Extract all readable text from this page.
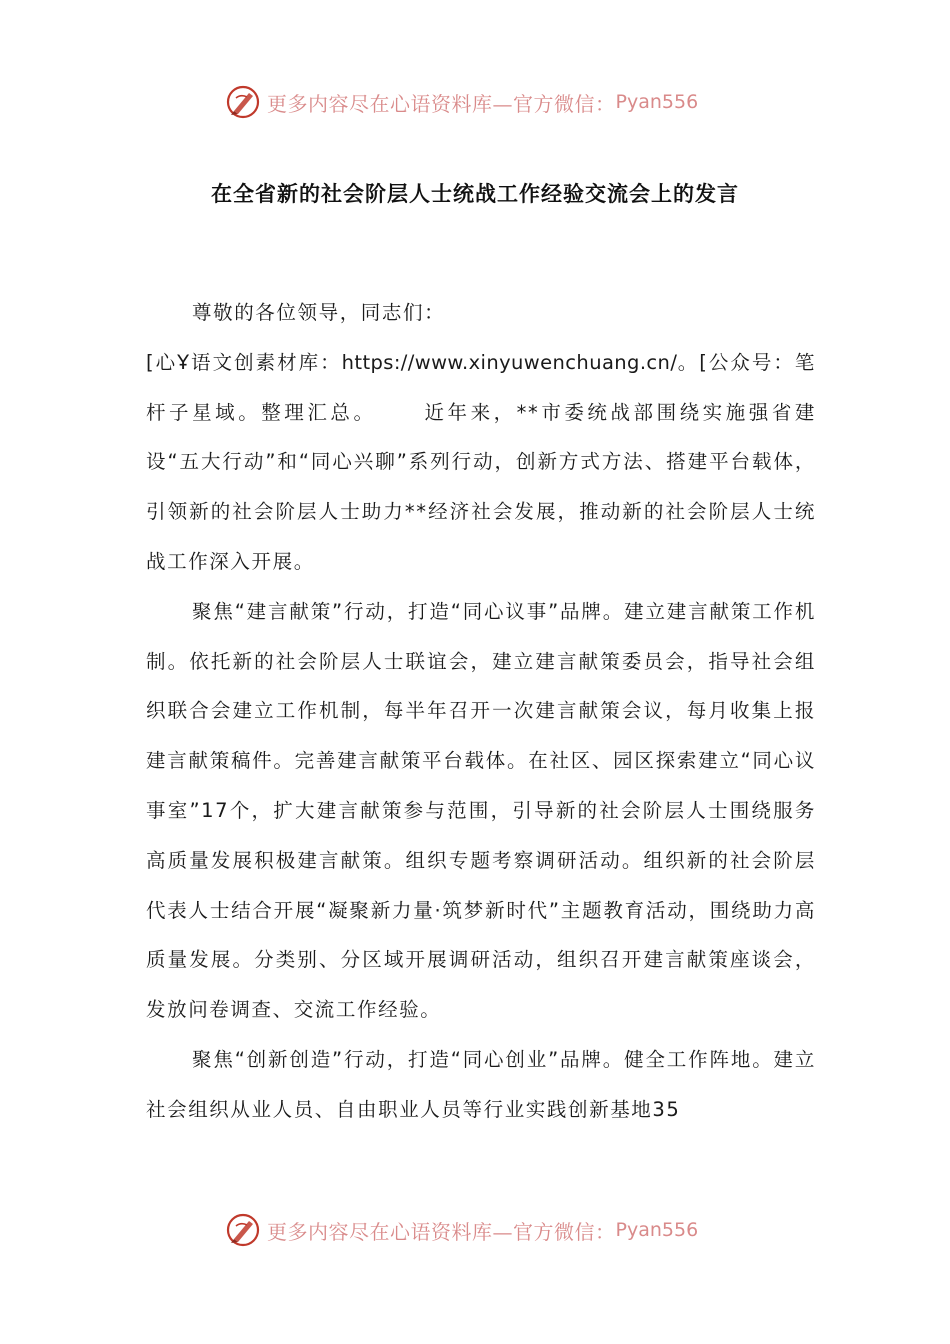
更多内容尽在心语资料库—官方微信： Pyan556
在全省新的社会阶层人士统战工作经验交流会上的发言

尊敬的各位领导，同志们：

[心Ұ语文创素材库：https://www.xinyuwenchuang.cn/。[公众号：笔杆子星域。整理汇总。 近年来，**市委统战部围绕实施强省建设“五大行动”和“同心兴聊”系列行动，创新方式方法、搭建平台载体，引领新的社会阶层人士助力**经济社会发展，推动新的社会阶层人士统战工作深入开展。

聚焦“建言献策”行动，打造“同心议事”品牌。建立建言献策工作机制。依托新的社会阶层人士联谊会，建立建言献策委员会，指导社会组织联合会建立工作机制，每半年召开一次建言献策会议，每月收集上报建言献策稿件。完善建言献策平台载体。在社区、园区探索建立“同心议事室”17个，扩大建言献策参与范围，引导新的社会阶层人士围绕服务高质量发展积极建言献策。组织专题考察调研活动。组织新的社会阶层代表人士结合开展“凝聚新力量·筑梦新时代”主题教育活动，围绕助力高质量发展。分类别、分区域开展调研活动，组织召开建言献策座谈会，发放问卷调查、交流工作经验。

聚焦“创新创造”行动，打造“同心创业”品牌。健全工作阵地。建立社会组织从业人员、自由职业人员等行业实践创新基地35

更多内容尽在心语资料库—官方微信： Pyan556
